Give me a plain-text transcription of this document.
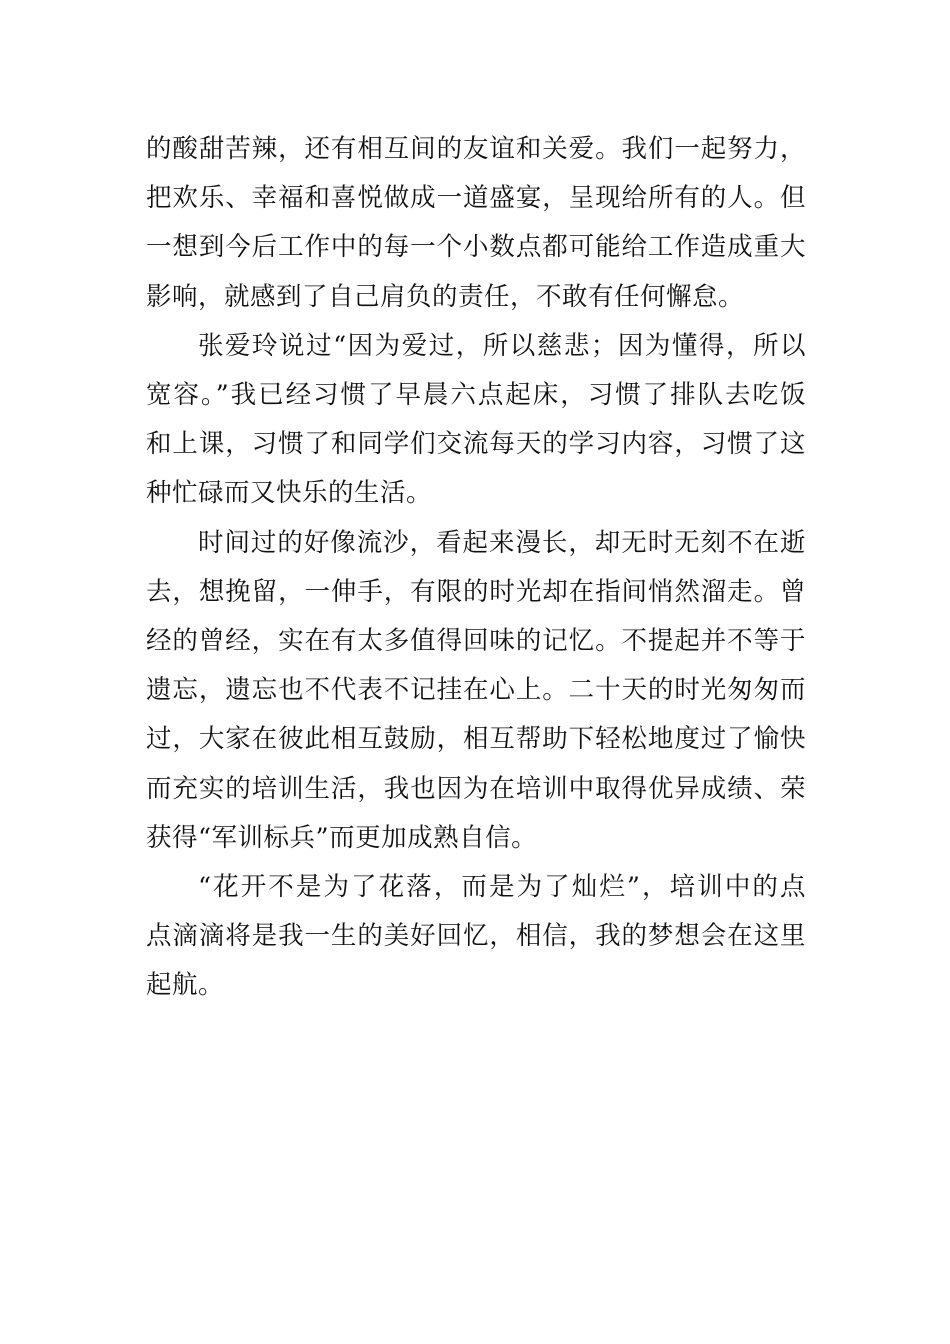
的酸甜苦辣，还有相互间的友谊和关爱。我们一起努力，
把欢乐、幸福和喜悦做成一道盛宴，呈现给所有的人。但
一想到今后工作中的每一个小数点都可能给工作造成重大
影响，就感到了自己肩负的责任，不敢有任何懈怠。
张爱玲说过“因为爱过，所以慈悲；因为懂得，所以
宽容。”我已经习惯了早晨六点起床，习惯了排队去吃饭
和上课，习惯了和同学们交流每天的学习内容，习惯了这
种忙碌而又快乐的生活。
时间过的好像流沙，看起来漫长，却无时无刻不在逝
去，想挽留，一伸手，有限的时光却在指间悄然溜走。曾
经的曾经，实在有太多值得回味的记忆。不提起并不等于
遗忘，遗忘也不代表不记挂在心上。二十天的时光匆匆而
过，大家在彼此相互鼓励，相互帮助下轻松地度过了愉快
而充实的培训生活，我也因为在培训中取得优异成绩、荣
获得“军训标兵”而更加成熟自信。
“花开不是为了花落，而是为了灿烂”，培训中的点
点滴滴将是我一生的美好回忆，相信，我的梦想会在这里
起航。
